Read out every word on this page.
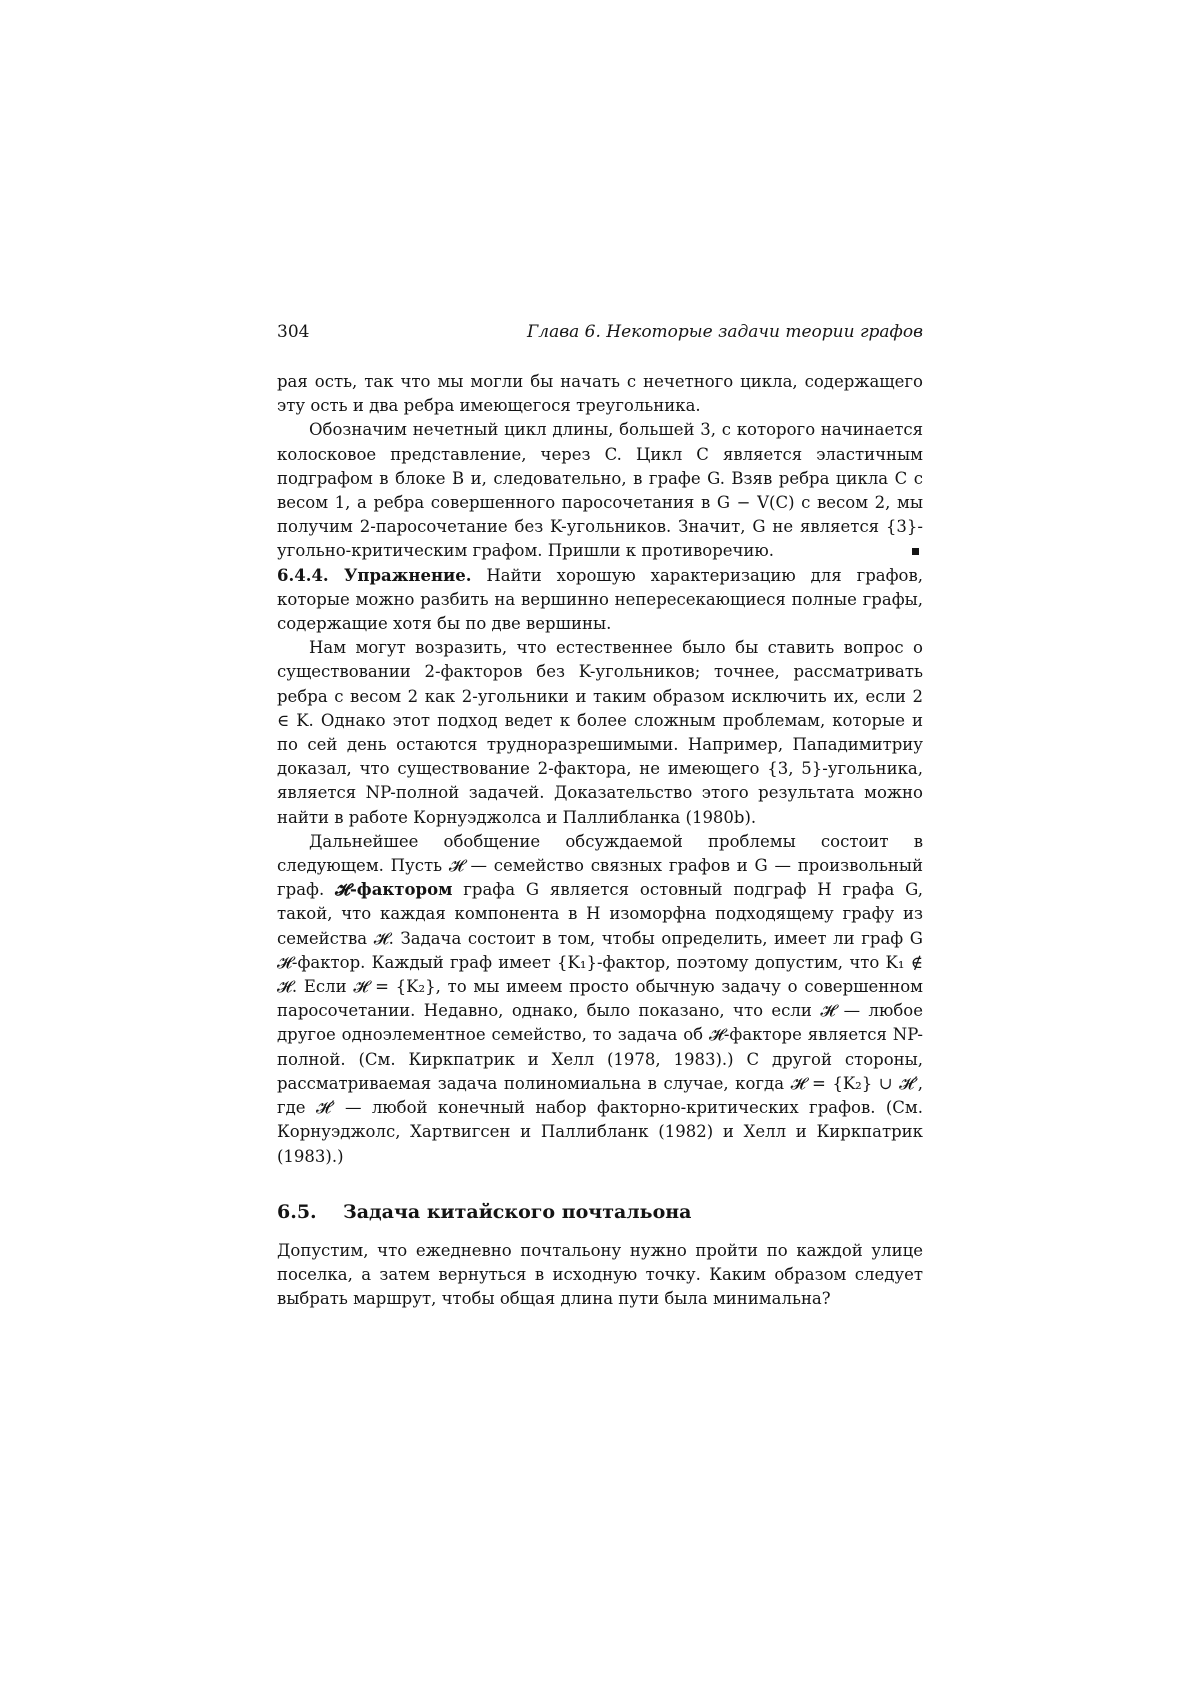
304	Глава 6. Некоторые задачи теории графов

рая ость, так что мы могли бы начать с нечетного цикла, содержащего эту ость и два ребра имеющегося треугольника.

Обозначим нечетный цикл длины, большей 3, с которого начинается колосковое представление, через C. Цикл C является эластичным подграфом в блоке B и, следовательно, в графе G. Взяв ребра цикла C с весом 1, а ребра совершенного паросочетания в G − V(C) с весом 2, мы получим 2-паросочетание без K-угольников. Значит, G не является {3}-угольно-критическим графом. Пришли к противоречию.

6.4.4. Упражнение. Найти хорошую характеризацию для графов, которые можно разбить на вершинно непересекающиеся полные графы, содержащие хотя бы по две вершины.

Нам могут возразить, что естественнее было бы ставить вопрос о существовании 2-факторов без K-угольников; точнее, рассматривать ребра с весом 2 как 2-угольники и таким образом исключить их, если 2 ∈ K. Однако этот подход ведет к более сложным проблемам, которые и по сей день остаются трудноразрешимыми. Например, Пападимитриу доказал, что существование 2-фактора, не имеющего {3, 5}-угольника, является NP-полной задачей. Доказательство этого результата можно найти в работе Корнуэджолса и Паллибланка (1980b).

Дальнейшее обобщение обсуждаемой проблемы состоит в следующем. Пусть 𝓗 — семейство связных графов и G — произвольный граф. 𝓗-фактором графа G является остовный подграф H графа G, такой, что каждая компонента в H изоморфна подходящему графу из семейства 𝓗. Задача состоит в том, чтобы определить, имеет ли граф G 𝓗-фактор. Каждый граф имеет {K₁}-фактор, поэтому допустим, что K₁ ∉ 𝓗. Если 𝓗 = {K₂}, то мы имеем просто обычную задачу о совершенном паросочетании. Недавно, однако, было показано, что если 𝓗 — любое другое одноэлементное семейство, то задача об 𝓗-факторе является NP-полной. (См. Киркпатрик и Хелл (1978, 1983).) С другой стороны, рассматриваемая задача полиномиальна в случае, когда 𝓗 = {K₂} ∪ 𝓗′, где 𝓗′ — любой конечный набор факторно-критических графов. (См. Корнуэджолс, Хартвигсен и Паллибланк (1982) и Хелл и Киркпатрик (1983).)

6.5. Задача китайского почтальона

Допустим, что ежедневно почтальону нужно пройти по каждой улице поселка, а затем вернуться в исходную точку. Каким образом следует выбрать маршрут, чтобы общая длина пути была минимальна?
